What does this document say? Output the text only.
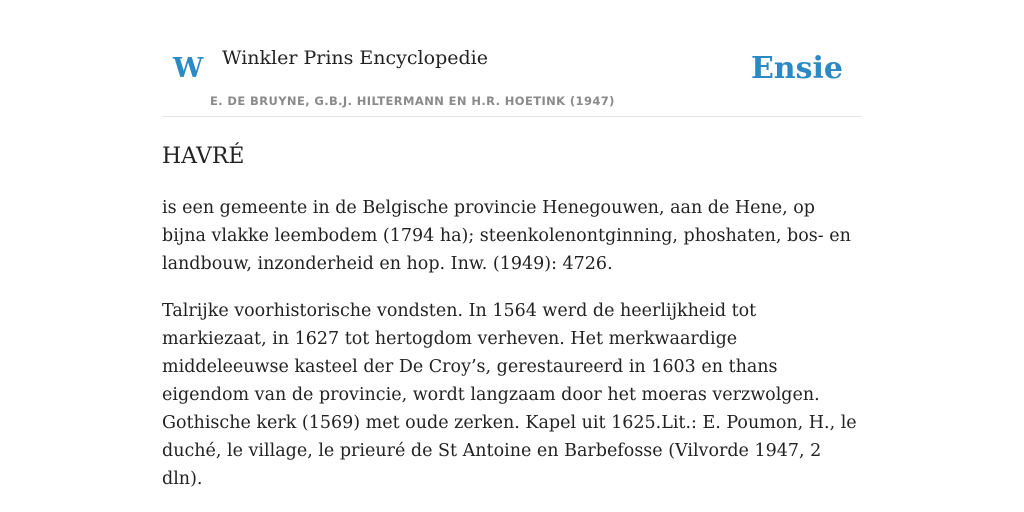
W Winkler Prins Encyclopedie
E. DE BRUYNE, G.B.J. HILTERMANN EN H.R. HOETINK (1947)
Ensie
HAVRÉ

is een gemeente in de Belgische provincie Henegouwen, aan de Hene, op bijna vlakke leembodem (1794 ha); steenkolenontginning, phoshaten, bos- en landbouw, inzonderheid en hop. Inw. (1949): 4726.

Talrijke voorhistorische vondsten. In 1564 werd de heerlijkheid tot markiezaat, in 1627 tot hertogdom verheven. Het merkwaardige middeleeuwse kasteel der De Croy’s, gerestaureerd in 1603 en thans eigendom van de provincie, wordt langzaam door het moeras verzwolgen. Gothische kerk (1569) met oude zerken. Kapel uit 1625.Lit.: E. Poumon, H., le duché, le village, le prieuré de St Antoine en Barbefosse (Vilvorde 1947, 2 dln).
